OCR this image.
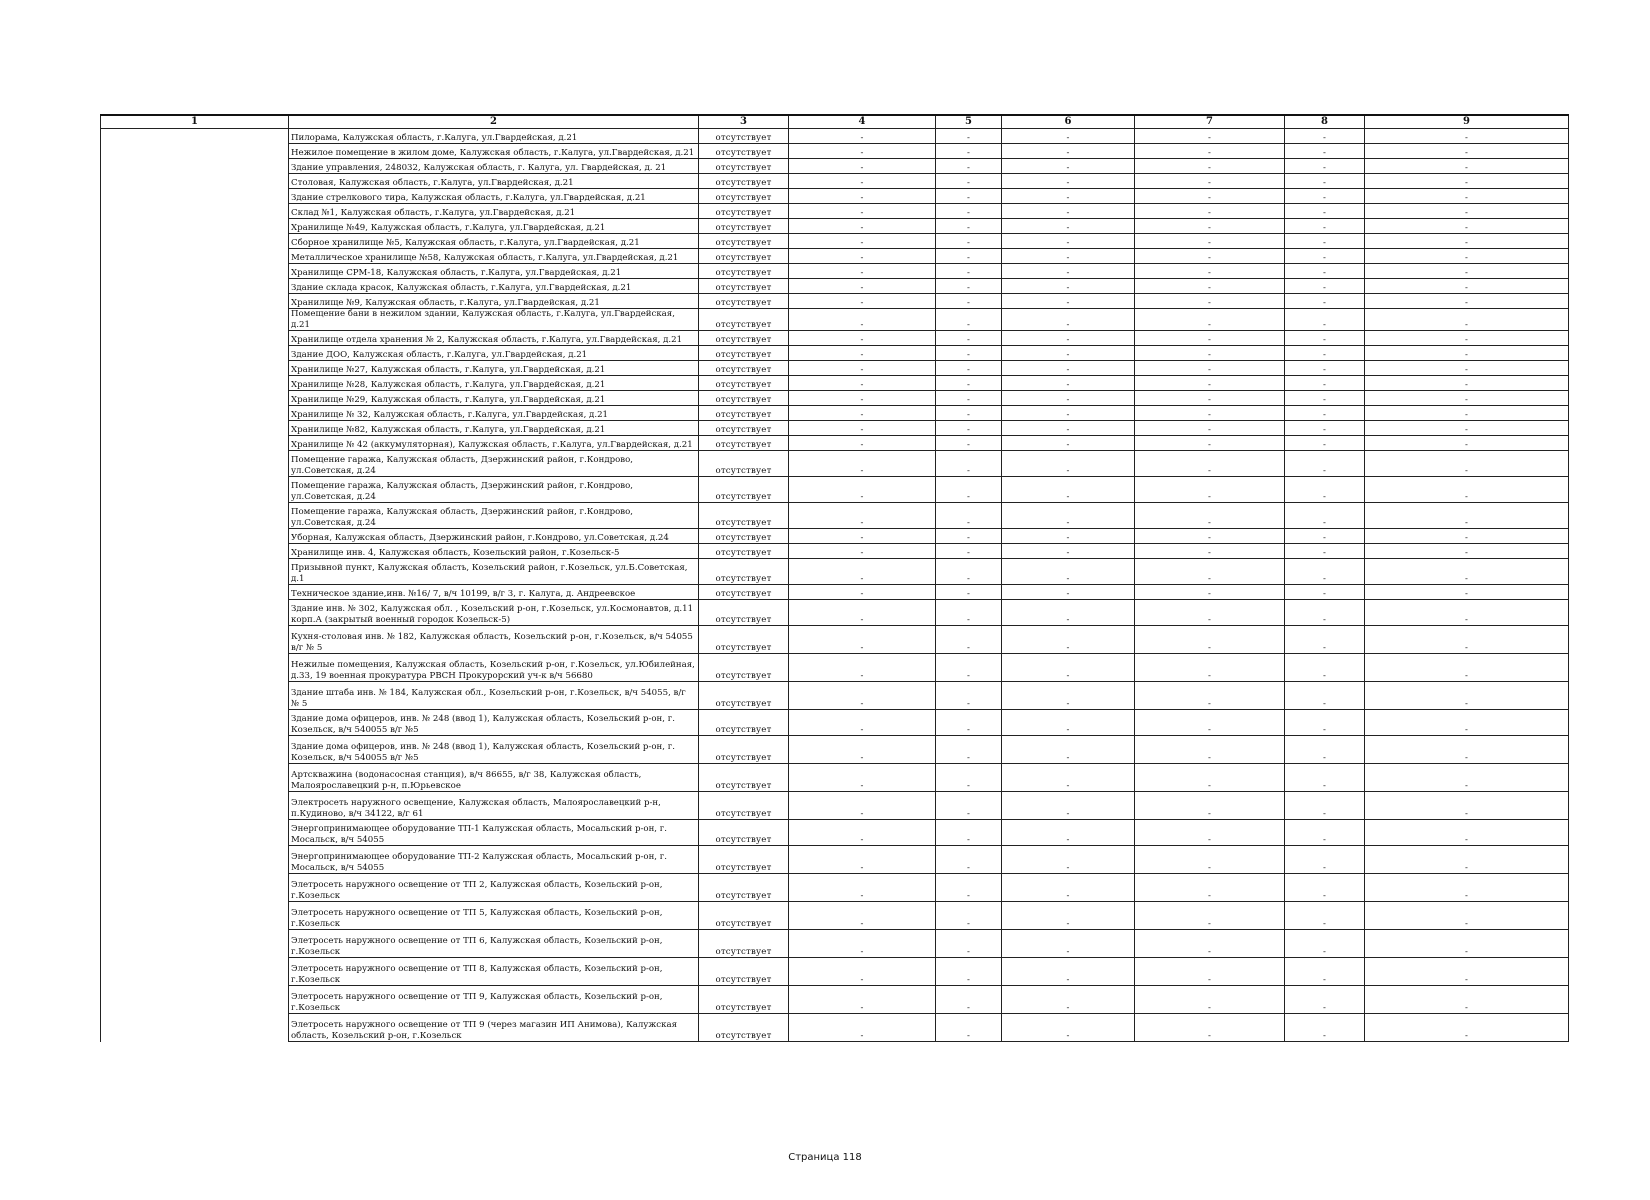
1	2	3	4	5	6	7	8	9
	Пилорама, Калужская область, г.Калуга, ул.Гвардейская, д.21	отсутствует	-	-	-	-	-	-
	Нежилое помещение в жилом доме, Калужская область, г.Калуга, ул.Гвардейская, д.21	отсутствует	-	-	-	-	-	-
	Здание управления, 248032, Калужская область, г. Калуга, ул. Гвардейская, д. 21	отсутствует	-	-	-	-	-	-
	Столовая, Калужская область, г.Калуга, ул.Гвардейская, д.21	отсутствует	-	-	-	-	-	-
	Здание стрелкового тира, Калужская область, г.Калуга, ул.Гвардейская, д.21	отсутствует	-	-	-	-	-	-
	Склад №1, Калужская область, г.Калуга, ул.Гвардейская, д.21	отсутствует	-	-	-	-	-	-
	Хранилище №49, Калужская область, г.Калуга, ул.Гвардейская, д.21	отсутствует	-	-	-	-	-	-
	Сборное хранилище №5, Калужская область, г.Калуга, ул.Гвардейская, д.21	отсутствует	-	-	-	-	-	-
	Металлическое хранилище №58, Калужская область, г.Калуга, ул.Гвардейская, д.21	отсутствует	-	-	-	-	-	-
	Хранилище СРМ-18, Калужская область, г.Калуга, ул.Гвардейская, д.21	отсутствует	-	-	-	-	-	-
	Здание склада красок, Калужская область, г.Калуга, ул.Гвардейская, д.21	отсутствует	-	-	-	-	-	-
	Хранилище №9, Калужская область, г.Калуга, ул.Гвардейская, д.21	отсутствует	-	-	-	-	-	-
	Помещение бани в нежилом здании, Калужская область, г.Калуга, ул.Гвардейская, д.21	отсутствует	-	-	-	-	-	-
	Хранилище отдела хранения № 2, Калужская область, г.Калуга, ул.Гвардейская, д.21	отсутствует	-	-	-	-	-	-
	Здание ДОО, Калужская область, г.Калуга, ул.Гвардейская, д.21	отсутствует	-	-	-	-	-	-
	Хранилище №27, Калужская область, г.Калуга, ул.Гвардейская, д.21	отсутствует	-	-	-	-	-	-
	Хранилище №28, Калужская область, г.Калуга, ул.Гвардейская, д.21	отсутствует	-	-	-	-	-	-
	Хранилище №29, Калужская область, г.Калуга, ул.Гвардейская, д.21	отсутствует	-	-	-	-	-	-
	Хранилище № 32, Калужская область, г.Калуга, ул.Гвардейская, д.21	отсутствует	-	-	-	-	-	-
	Хранилище №82, Калужская область, г.Калуга, ул.Гвардейская, д.21	отсутствует	-	-	-	-	-	-
	Хранилище № 42 (аккумуляторная), Калужская область, г.Калуга, ул.Гвардейская, д.21	отсутствует	-	-	-	-	-	-
	Помещение гаража, Калужская область, Дзержинский район, г.Кондрово, ул.Советская, д.24	отсутствует	-	-	-	-	-	-
	Помещение гаража, Калужская область, Дзержинский район, г.Кондрово, ул.Советская, д.24	отсутствует	-	-	-	-	-	-
	Помещение гаража, Калужская область, Дзержинский район, г.Кондрово, ул.Советская, д.24	отсутствует	-	-	-	-	-	-
	Уборная, Калужская область, Дзержинский район, г.Кондрово, ул.Советская, д.24	отсутствует	-	-	-	-	-	-
	Хранилище инв. 4, Калужская область, Козельский район, г.Козельск-5	отсутствует	-	-	-	-	-	-
	Призывной пункт, Калужская область, Козельский район, г.Козельск, ул.Б.Советская, д.1	отсутствует	-	-	-	-	-	-
	Техническое здание,инв. №16/ 7, в/ч 10199, в/г 3, г. Калуга, д. Андреевское	отсутствует	-	-	-	-	-	-
	Здание инв. № 302, Калужская обл. , Козельский р-он, г.Козельск, ул.Космонавтов, д.11 корп.А (закрытый военный городок Козельск-5)	отсутствует	-	-	-	-	-	-
	Кухня-столовая инв. № 182, Калужская область, Козельский р-он, г.Козельск, в/ч 54055 в/г № 5	отсутствует	-	-	-	-	-	-
	Нежилые помещения, Калужская область, Козельский р-он, г.Козельск, ул.Юбилейная, д.33, 19 военная прокуратура РВСН Прокурорский уч-к в/ч 56680	отсутствует	-	-	-	-	-	-
	Здание штаба инв. № 184, Калужская обл., Козельский р-он, г.Козельск, в/ч 54055, в/г № 5	отсутствует	-	-	-	-	-	-
	Здание дома офицеров, инв. № 248 (ввод 1), Калужская область, Козельский р-он, г. Козельск, в/ч 540055 в/г №5	отсутствует	-	-	-	-	-	-
	Здание дома офицеров, инв. № 248 (ввод 1), Калужская область, Козельский р-он, г. Козельск, в/ч 540055 в/г №5	отсутствует	-	-	-	-	-	-
	Артскважина (водонасосная станция), в/ч 86655, в/г 38, Калужская область, Малоярославецкий р-н, п.Юрьевское	отсутствует	-	-	-	-	-	-
	Электросеть наружного освещение, Калужская область, Малоярославецкий р-н, п.Кудиново, в/ч 34122, в/г 61	отсутствует	-	-	-	-	-	-
	Энергопринимающее оборудование ТП-1 Калужская область, Мосальский р-он, г. Мосальск, в/ч 54055	отсутствует	-	-	-	-	-	-
	Энергопринимающее оборудование ТП-2 Калужская область, Мосальский р-он, г. Мосальск, в/ч 54055	отсутствует	-	-	-	-	-	-
	Элетросеть наружного освещение от ТП 2, Калужская область, Козельский р-он, г.Козельск	отсутствует	-	-	-	-	-	-
	Элетросеть наружного освещение от ТП 5, Калужская область, Козельский р-он, г.Козельск	отсутствует	-	-	-	-	-	-
	Элетросеть наружного освещение от ТП 6, Калужская область, Козельский р-он, г.Козельск	отсутствует	-	-	-	-	-	-
	Элетросеть наружного освещение от ТП 8, Калужская область, Козельский р-он, г.Козельск	отсутствует	-	-	-	-	-	-
	Элетросеть наружного освещение от ТП 9, Калужская область, Козельский р-он, г.Козельск	отсутствует	-	-	-	-	-	-
	Элетросеть наружного освещение от ТП 9 (через магазин ИП Анимова), Калужская область, Козельский р-он, г.Козельск	отсутствует	-	-	-	-	-	-
Страница 118
